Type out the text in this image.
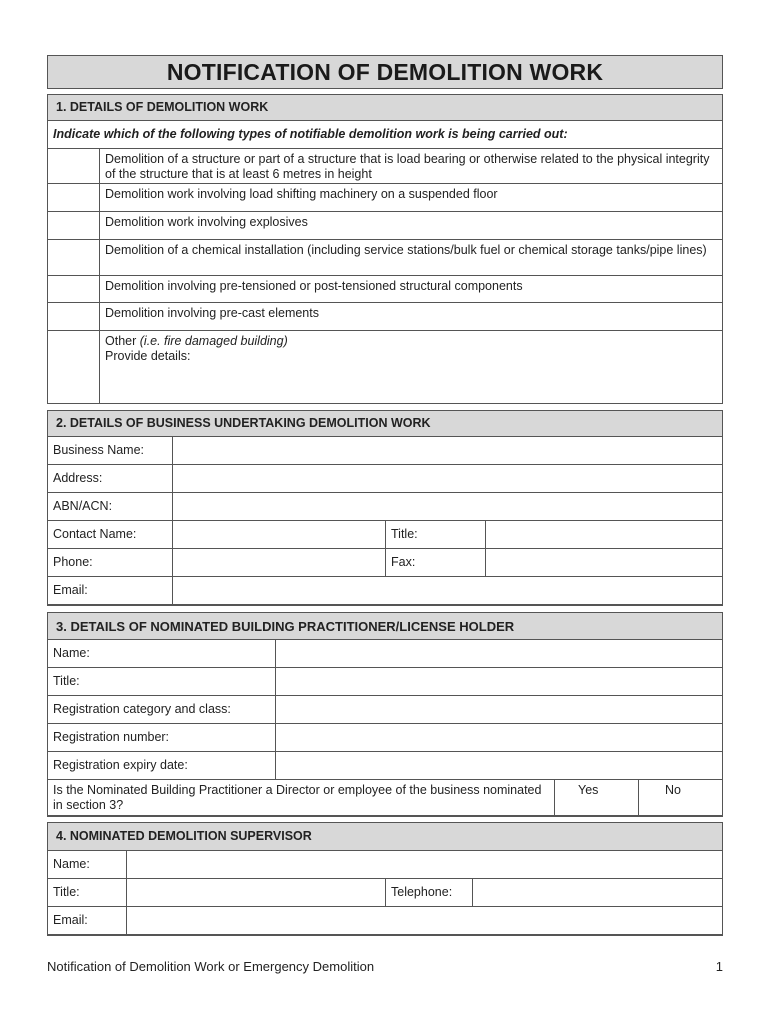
NOTIFICATION OF DEMOLITION WORK
1. DETAILS OF DEMOLITION WORK
Indicate which of the following types of notifiable demolition work is being carried out:
Demolition of a structure or part of a structure that is load bearing or otherwise related to the physical integrity of the structure that is at least 6 metres in height
Demolition work involving load shifting machinery on a suspended floor
Demolition work involving explosives
Demolition of a chemical installation (including service stations/bulk fuel or chemical storage tanks/pipe lines)
Demolition involving pre-tensioned or post-tensioned structural components
Demolition involving pre-cast elements
Other (i.e. fire damaged building)
Provide details:
2. DETAILS OF BUSINESS UNDERTAKING DEMOLITION WORK
Business Name:
Address:
ABN/ACN:
Contact Name:	Title:
Phone:	Fax:
Email:
3. DETAILS OF NOMINATED BUILDING PRACTITIONER/LICENSE HOLDER
Name:
Title:
Registration category and class:
Registration number:
Registration expiry date:
Is the Nominated Building Practitioner a Director or employee of the business nominated in section 3?
Yes	No
4. NOMINATED DEMOLITION SUPERVISOR
Name:
Title:	Telephone:
Email:
Notification of Demolition Work or Emergency Demolition	1
